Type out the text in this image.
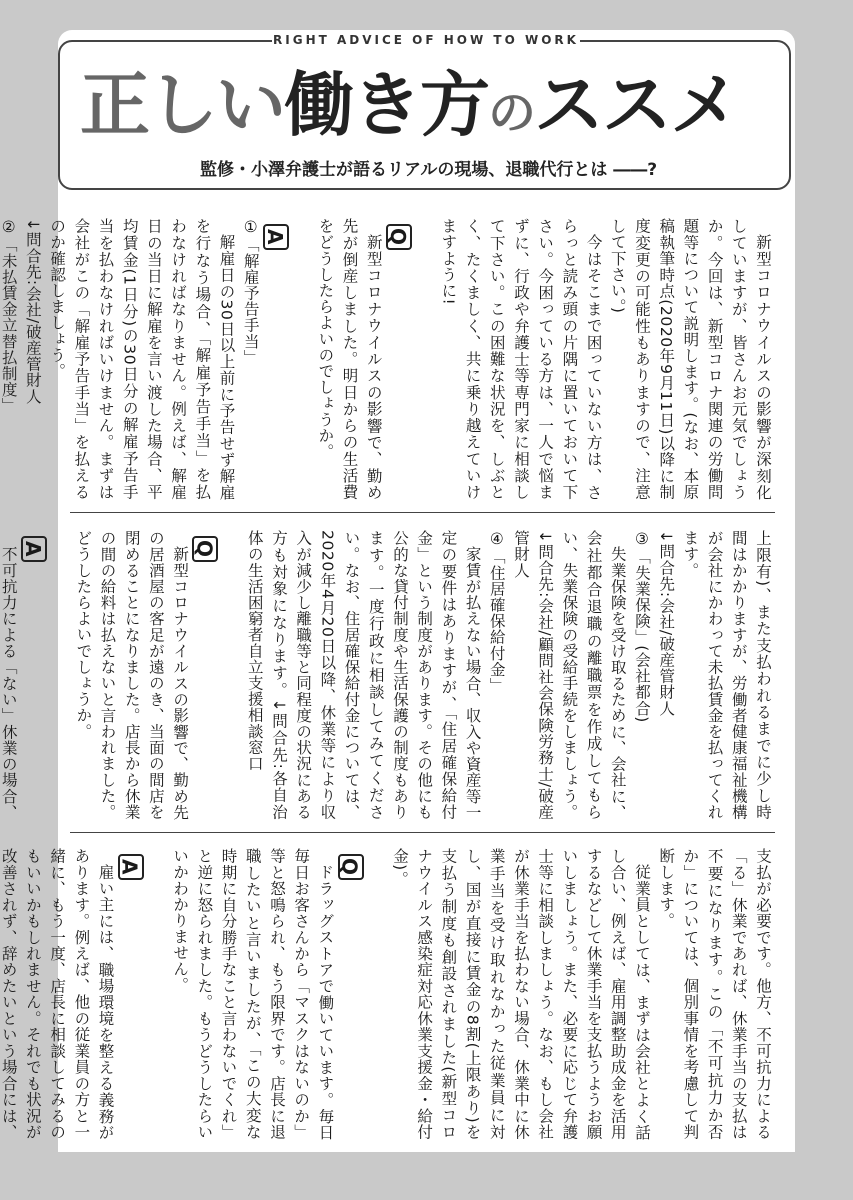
RIGHT ADVICE OF HOW TO WORK
正しい働き方のススメ
監修・小澤弁護士が語るリアルの現場、退職代行とは ――?

新型コロナウイルスの影響が深刻化していますが、皆さんお元気でしょうか。今回は、新型コロナ関連の労働問題等について説明します。(なお、本原稿執筆時点(2020年9月11日)以降に制度変更の可能性もありますので、注意して下さい。)

今はそこまで困っていない方は、さらっと読み頭の片隅に置いておいて下さい。今困っている方は、一人で悩まずに、行政や弁護士等専門家に相談して下さい。この困難な状況を、しぶとく、たくましく、共に乗り越えていけますように!

Q

新型コロナウイルスの影響で、勤め先が倒産しました。明日からの生活費をどうしたらよいのでしょうか。

A

①「解雇予告手当」

解雇日の30日以上前に予告せず解雇を行なう場合、「解雇予告手当」を払わなければなりません。例えば、解雇日の当日に解雇を言い渡した場合、平均賃金(1日分)の30日分の解雇予告手当を払わなければいけません。まずは会社がこの「解雇予告手当」を払えるのか確認しましょう。

↓問合先:会社/破産管財人

②「未払賃金立替払制度」

上限有)、また支払われるまでに少し時間はかかりますが、労働者健康福祉機構が会社にかわって未払賃金を払ってくれます。

↓問合先:会社/破産管財人

③「失業保険」(会社都合)

失業保険を受け取るために、会社に、会社都合退職の離職票を作成してもらい、失業保険の受給手続をしましょう。↓問合先:会社/顧問社会保険労務士/破産管財人

④「住居確保給付金」

家賃が払えない場合、収入や資産等一定の要件はありますが、「住居確保給付金」という制度があります。その他にも公的な貸付制度や生活保護の制度もあります。一度行政に相談してみてください。なお、住居確保給付金については、2020年4月20日以降、休業等により収入が減少し離職等と同程度の状況にある方も対象になります。↓問合先:各自治体の生活困窮者自立支援相談窓口

Q

新型コロナウイルスの影響で、勤め先の居酒屋の客足が遠のき、当面の間店を閉めることになりました。店長から休業の間の給料は払えないと言われました。どうしたらよいでしょうか。

A

不可抗力による「ない」休業の場合、

支払が必要です。他方、不可抗力による「る」休業であれば、休業手当の支払は不要になります。この「不可抗力か否か」については、個別事情を考慮して判断します。

従業員としては、まずは会社とよく話し合い、例えば、雇用調整助成金を活用するなどして休業手当を支払うようお願いしましょう。また、必要に応じて弁護士等に相談しましょう。なお、もし会社が休業手当を払わない場合、休業中に休業手当を受け取れなかった従業員に対し、国が直接に賃金の8割(上限あり)を支払う制度も創設されました(新型コロナウイルス感染症対応休業支援金・給付金)。

Q

ドラッグストアで働いています。毎日毎日お客さんから「マスクはないのか」等と怒鳴られ、もう限界です。店長に退職したいと言いましたが、「この大変な時期に自分勝手なこと言わないでくれ」と逆に怒られました。もうどうしたらいいかわかりません。

A

雇い主には、職場環境を整える義務があります。例えば、他の従業員の方と一緒に、もう一度、店長に相談してみるのもいいかもしれません。それでも状況が改善されず、辞めたいという場合には、
